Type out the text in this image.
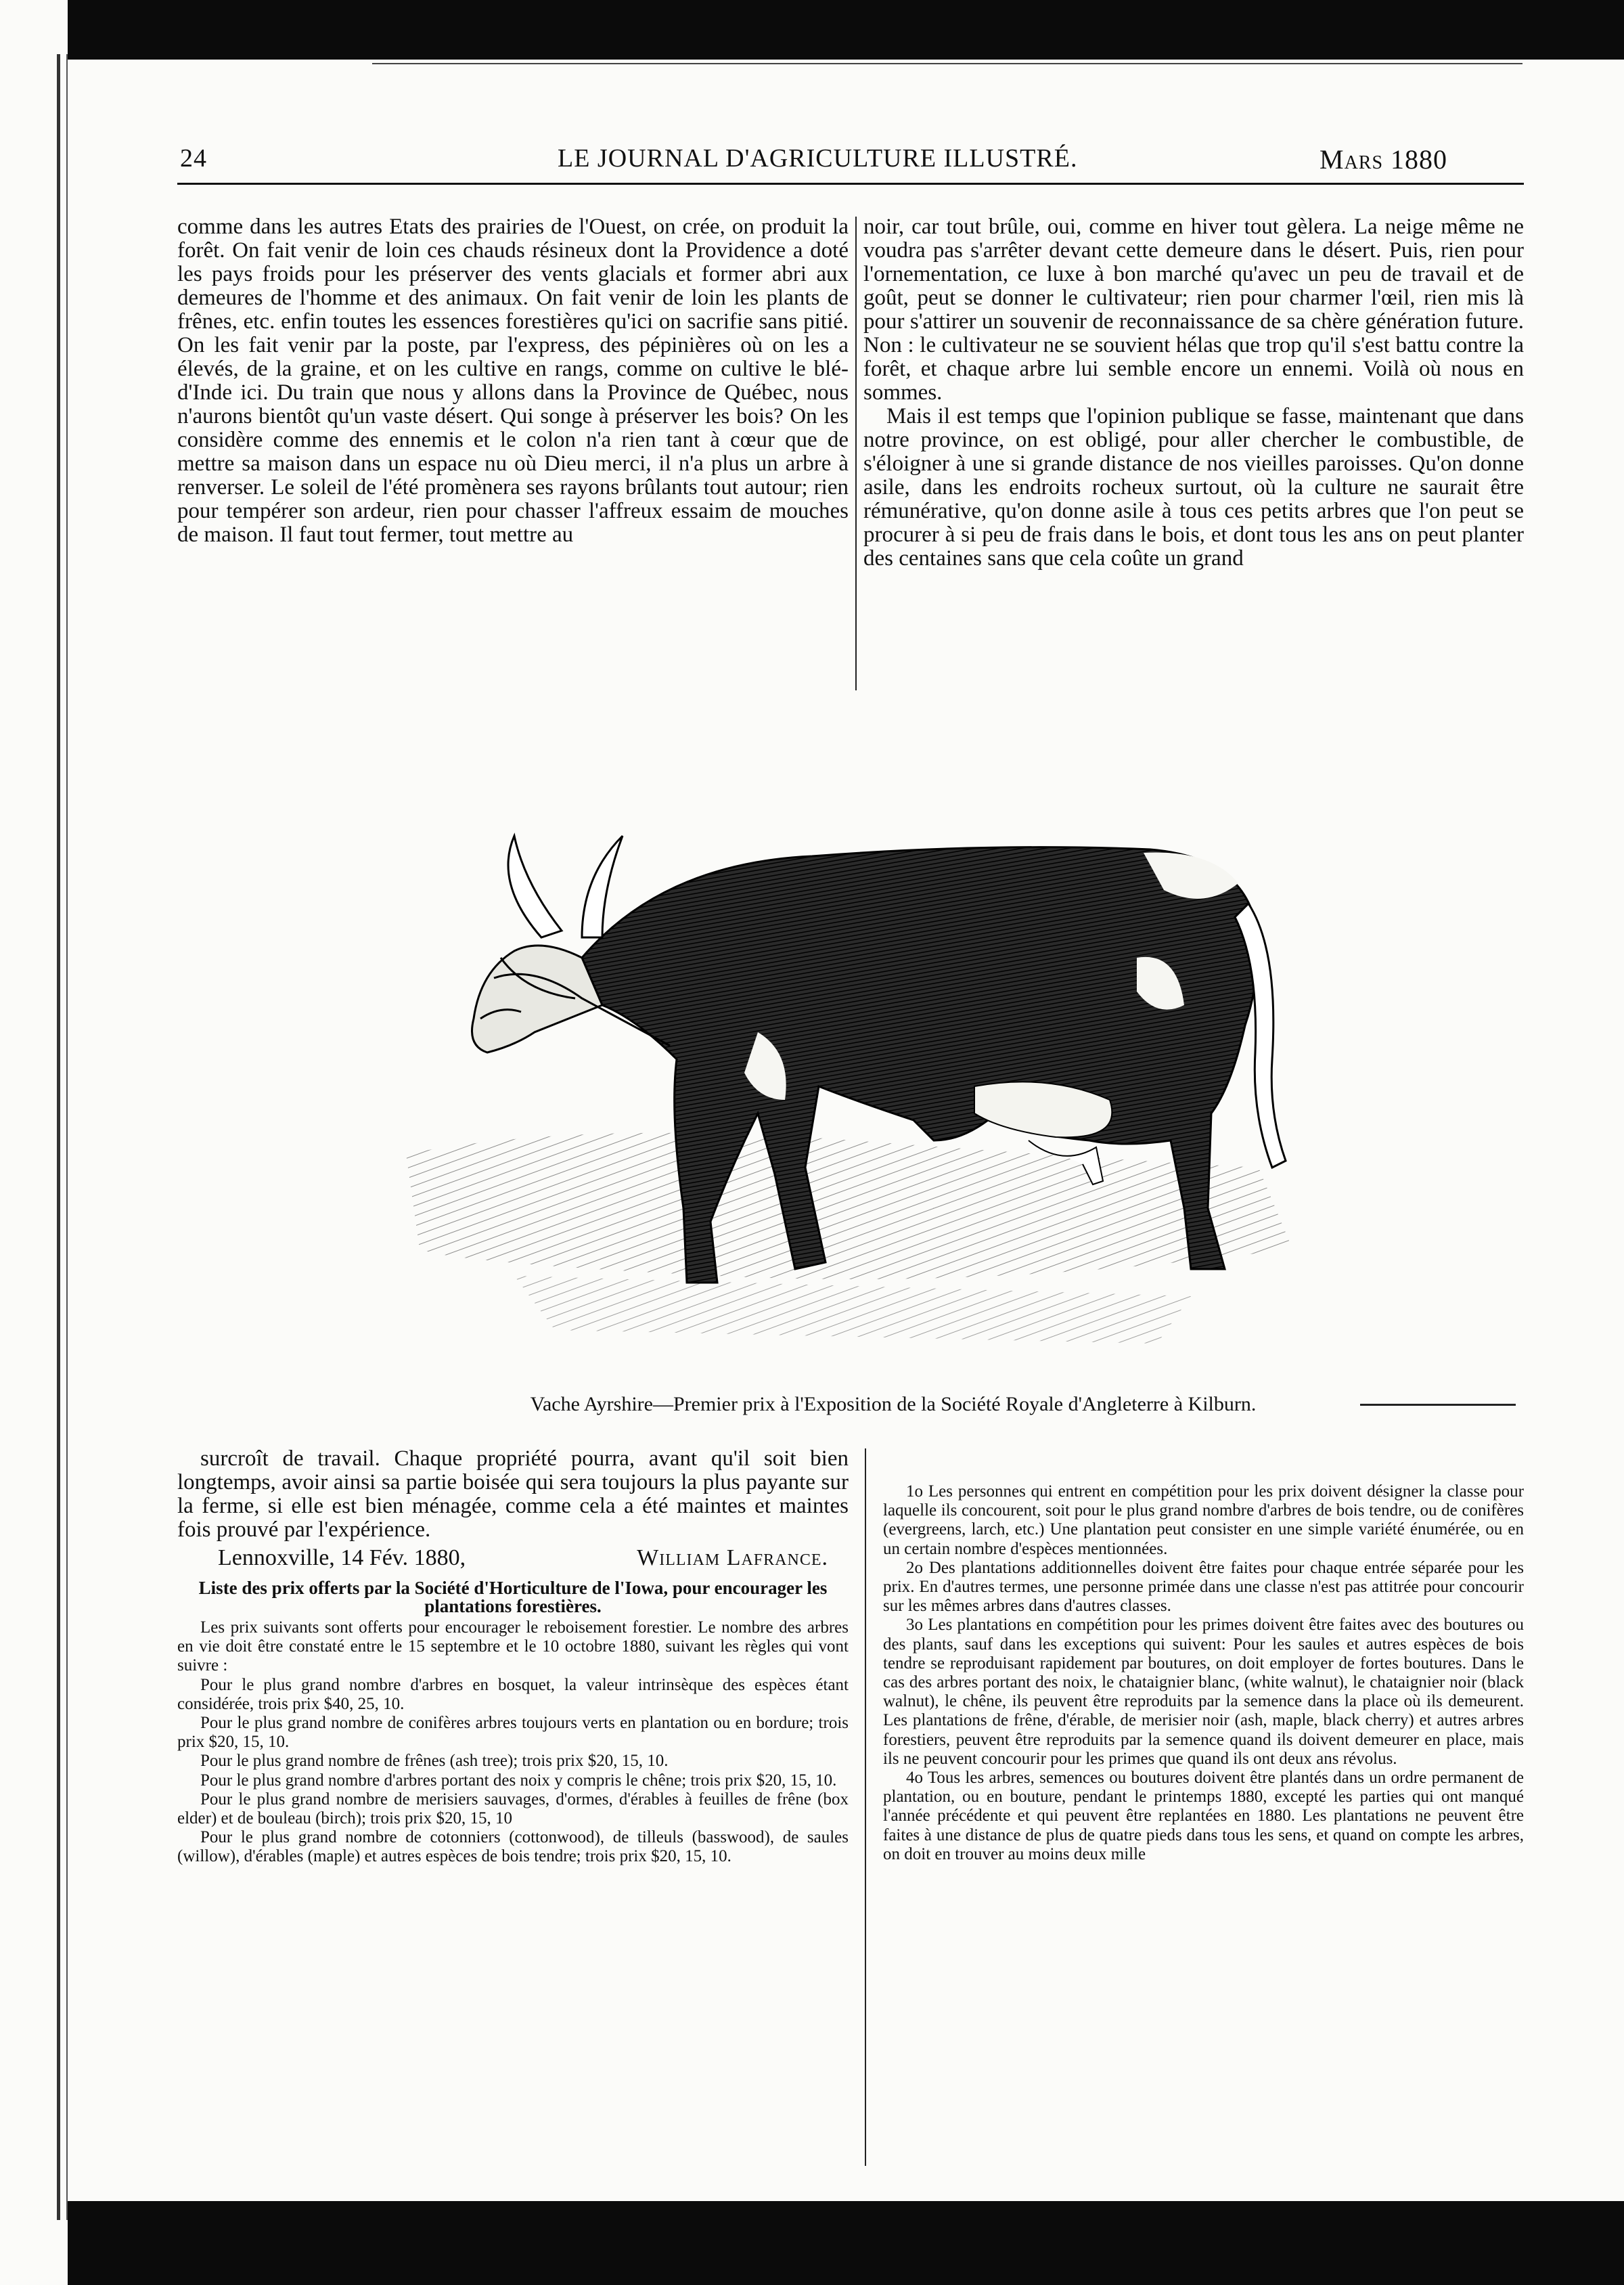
24	LE JOURNAL D'AGRICULTURE ILLUSTRÉ.	Mars 1880

comme dans les autres Etats des prairies de l'Ouest, on crée, on produit la forêt. On fait venir de loin ces chauds résineux dont la Providence a doté les pays froids pour les préserver des vents glacials et former abri aux demeures de l'homme et des animaux. On fait venir de loin les plants de frênes, etc. enfin toutes les essences forestières qu'ici on sacrifie sans pitié. On les fait venir par la poste, par l'express, des pépinières où on les a élevés, de la graine, et on les cultive en rangs, comme on cultive le blé-d'Inde ici. Du train que nous y allons dans la Province de Québec, nous n'aurons bientôt qu'un vaste désert. Qui songe à préserver les bois? On les considère comme des ennemis et le colon n'a rien tant à cœur que de mettre sa maison dans un espace nu où Dieu merci, il n'a plus un arbre à renverser. Le soleil de l'été promènera ses rayons brûlants tout autour; rien pour tempérer son ardeur, rien pour chasser l'affreux essaim de mouches de maison. Il faut tout fermer, tout mettre au

noir, car tout brûle, oui, comme en hiver tout gèlera. La neige même ne voudra pas s'arrêter devant cette demeure dans le désert. Puis, rien pour l'ornementation, ce luxe à bon marché qu'avec un peu de travail et de goût, peut se donner le cultivateur; rien pour charmer l'œil, rien mis là pour s'attirer un souvenir de reconnaissance de sa chère génération future. Non : le cultivateur ne se souvient hélas que trop qu'il s'est battu contre la forêt, et chaque arbre lui semble encore un ennemi. Voilà où nous en sommes.

Mais il est temps que l'opinion publique se fasse, maintenant que dans notre province, on est obligé, pour aller chercher le combustible, de s'éloigner à une si grande distance de nos vieilles paroisses. Qu'on donne asile, dans les endroits rocheux surtout, où la culture ne saurait être rémunérative, qu'on donne asile à tous ces petits arbres que l'on peut se procurer à si peu de frais dans le bois, et dont tous les ans on peut planter des centaines sans que cela coûte un grand

Vache Ayrshire—Premier prix à l'Exposition de la Société Royale d'Angleterre à Kilburn.

surcroît de travail. Chaque propriété pourra, avant qu'il soit bien longtemps, avoir ainsi sa partie boisée qui sera toujours la plus payante sur la ferme, si elle est bien ménagée, comme cela a été maintes et maintes fois prouvé par l'expérience.

Lennoxville, 14 Fév. 1880,	William Lafrance.
Liste des prix offerts par la Société d'Horticulture de l'Iowa, pour encourager les plantations forestières.

Les prix suivants sont offerts pour encourager le reboisement forestier. Le nombre des arbres en vie doit être constaté entre le 15 septembre et le 10 octobre 1880, suivant les règles qui vont suivre :

Pour le plus grand nombre d'arbres en bosquet, la valeur intrinsèque des espèces étant considérée, trois prix $40, 25, 10.

Pour le plus grand nombre de conifères arbres toujours verts en plantation ou en bordure; trois prix $20, 15, 10.

Pour le plus grand nombre de frênes (ash tree); trois prix $20, 15, 10.

Pour le plus grand nombre d'arbres portant des noix y compris le chêne; trois prix $20, 15, 10.

Pour le plus grand nombre de merisiers sauvages, d'ormes, d'érables à feuilles de frêne (box elder) et de bouleau (birch); trois prix $20, 15, 10

Pour le plus grand nombre de cotonniers (cottonwood), de tilleuls (basswood), de saules (willow), d'érables (maple) et autres espèces de bois tendre; trois prix $20, 15, 10.

1o Les personnes qui entrent en compétition pour les prix doivent désigner la classe pour laquelle ils concourent, soit pour le plus grand nombre d'arbres de bois tendre, ou de conifères (evergreens, larch, etc.) Une plantation peut consister en une simple variété énumérée, ou en un certain nombre d'espèces mentionnées.

2o Des plantations additionnelles doivent être faites pour chaque entrée séparée pour les prix. En d'autres termes, une personne primée dans une classe n'est pas attitrée pour concourir sur les mêmes arbres dans d'autres classes.

3o Les plantations en compétition pour les primes doivent être faites avec des boutures ou des plants, sauf dans les exceptions qui suivent: Pour les saules et autres espèces de bois tendre se reproduisant rapidement par boutures, on doit employer de fortes boutures. Dans le cas des arbres portant des noix, le chataignier blanc, (white walnut), le chataignier noir (black walnut), le chêne, ils peuvent être reproduits par la semence dans la place où ils demeurent. Les plantations de frêne, d'érable, de merisier noir (ash, maple, black cherry) et autres arbres forestiers, peuvent être reproduits par la semence quand ils doivent demeurer en place, mais ils ne peuvent concourir pour les primes que quand ils ont deux ans révolus.

4o Tous les arbres, semences ou boutures doivent être plantés dans un ordre permanent de plantation, ou en bouture, pendant le printemps 1880, excepté les parties qui ont manqué l'année précédente et qui peuvent être replantées en 1880. Les plantations ne peuvent être faites à une distance de plus de quatre pieds dans tous les sens, et quand on compte les arbres, on doit en trouver au moins deux mille
